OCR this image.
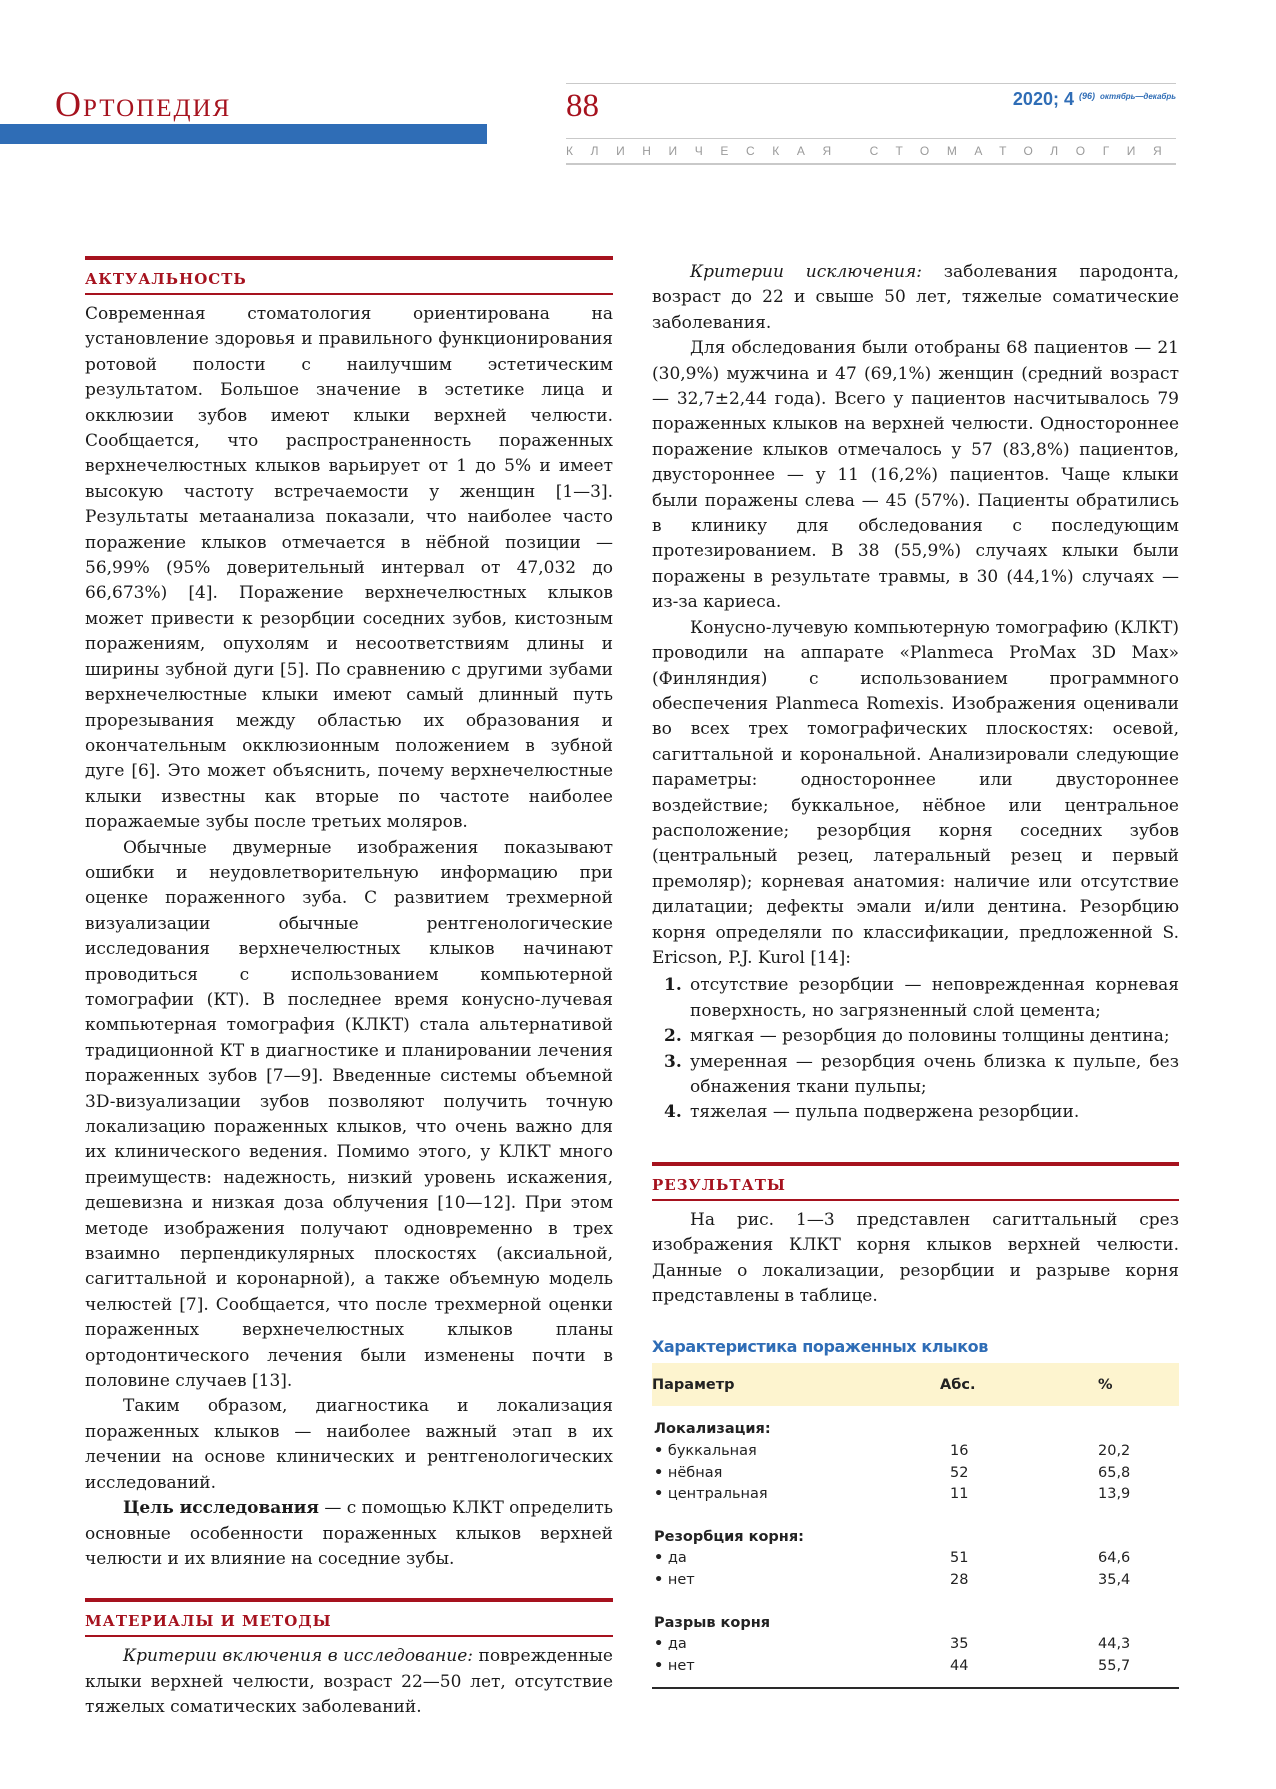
Ортопедия	88	2020; 4 $^{(96)}$ $^{октябрь—декабрь}$
КЛИНИЧЕСКАЯ СТОМАТОЛОГИЯ
АКТУАЛЬНОСТЬ

Современная стоматология ориентирована на установление здоровья и правильного функционирования ротовой полости с наилучшим эстетическим результатом. Большое значение в эстетике лица и окклюзии зубов имеют клыки верхней челюсти. Сообщается, что распространенность пораженных верхнечелюстных клыков варьирует от 1 до 5% и имеет высокую частоту встречаемости у женщин [1—3]. Результаты метаанализа показали, что наиболее часто поражение клыков отмечается в нёбной позиции — 56,99% (95% доверительный интервал от 47,032 до 66,673%) [4]. Поражение верхнечелюстных клыков может привести к резорбции соседних зубов, кистозным поражениям, опухолям и несоответствиям длины и ширины зубной дуги [5]. По сравнению с другими зубами верхнечелюстные клыки имеют самый длинный путь прорезывания между областью их образования и окончательным окклюзионным положением в зубной дуге [6]. Это может объяснить, почему верхнечелюстные клыки известны как вторые по частоте наиболее поражаемые зубы после третьих моляров.

Обычные двумерные изображения показывают ошибки и неудовлетворительную информацию при оценке пораженного зуба. С развитием трехмерной визуализации обычные рентгенологические исследования верхнечелюстных клыков начинают проводиться с использованием компьютерной томографии (КТ). В последнее время конусно-лучевая компьютерная томография (КЛКТ) стала альтернативой традиционной КТ в диагностике и планировании лечения пораженных зубов [7—9]. Введенные системы объемной 3D-визуализации зубов позволяют получить точную локализацию пораженных клыков, что очень важно для их клинического ведения. Помимо этого, у КЛКТ много преимуществ: надежность, низкий уровень искажения, дешевизна и низкая доза облучения [10—12]. При этом методе изображения получают одновременно в трех взаимно перпендикулярных плоскостях (аксиальной, сагиттальной и коронарной), а также объемную модель челюстей [7]. Сообщается, что после трехмерной оценки пораженных верхнечелюстных клыков планы ортодонтического лечения были изменены почти в половине случаев [13].

Таким образом, диагностика и локализация пораженных клыков — наиболее важный этап в их лечении на основе клинических и рентгенологических исследований.

Цель исследования — с помощью КЛКТ определить основные особенности пораженных клыков верхней челюсти и их влияние на соседние зубы.

МАТЕРИАЛЫ И МЕТОДЫ

Критерии включения в исследование: поврежденные клыки верхней челюсти, возраст 22—50 лет, отсутствие тяжелых соматических заболеваний.

Критерии исключения: заболевания пародонта, возраст до 22 и свыше 50 лет, тяжелые соматические заболевания.

Для обследования были отобраны 68 пациентов — 21 (30,9%) мужчина и 47 (69,1%) женщин (средний возраст — 32,7±2,44 года). Всего у пациентов насчитывалось 79 пораженных клыков на верхней челюсти. Одностороннее поражение клыков отмечалось у 57 (83,8%) пациентов, двустороннее — у 11 (16,2%) пациентов. Чаще клыки были поражены слева — 45 (57%). Пациенты обратились в клинику для обследования с последующим протезированием. В 38 (55,9%) случаях клыки были поражены в результате травмы, в 30 (44,1%) случаях — из-за кариеса.

Конусно-лучевую компьютерную томографию (КЛКТ) проводили на аппарате «Planmeca ProMax 3D Max» (Финляндия) с использованием программного обеспечения Planmeca Romexis. Изображения оценивали во всех трех томографических плоскостях: осевой, сагиттальной и корональной. Анализировали следующие параметры: одностороннее или двустороннее воздействие; буккальное, нёбное или центральное расположение; резорбция корня соседних зубов (центральный резец, латеральный резец и первый премоляр); корневая анатомия: наличие или отсутствие дилатации; дефекты эмали и/или дентина. Резорбцию корня определяли по классификации, предложенной S. Ericson, P.J. Kurol [14]:

1. отсутствие резорбции — неповрежденная корневая поверхность, но загрязненный слой цемента;
2. мягкая — резорбция до половины толщины дентина;
3. умеренная — резорбция очень близка к пульпе, без обнажения ткани пульпы;
4. тяжелая — пульпа подвержена резорбции.
РЕЗУЛЬТАТЫ

На рис. 1—3 представлен сагиттальный срез изображения КЛКТ корня клыков верхней челюсти. Данные о локализации, резорбции и разрыве корня представлены в таблице.

Характеристика пораженных клыков
Параметр	Абс.	%
Локализация:
• буккальная	16	20,2
• нёбная	52	65,8
• центральная	11	13,9
Резорбция корня:
• да	51	64,6
• нет	28	35,4
Разрыв корня
• да	35	44,3
• нет	44	55,7
